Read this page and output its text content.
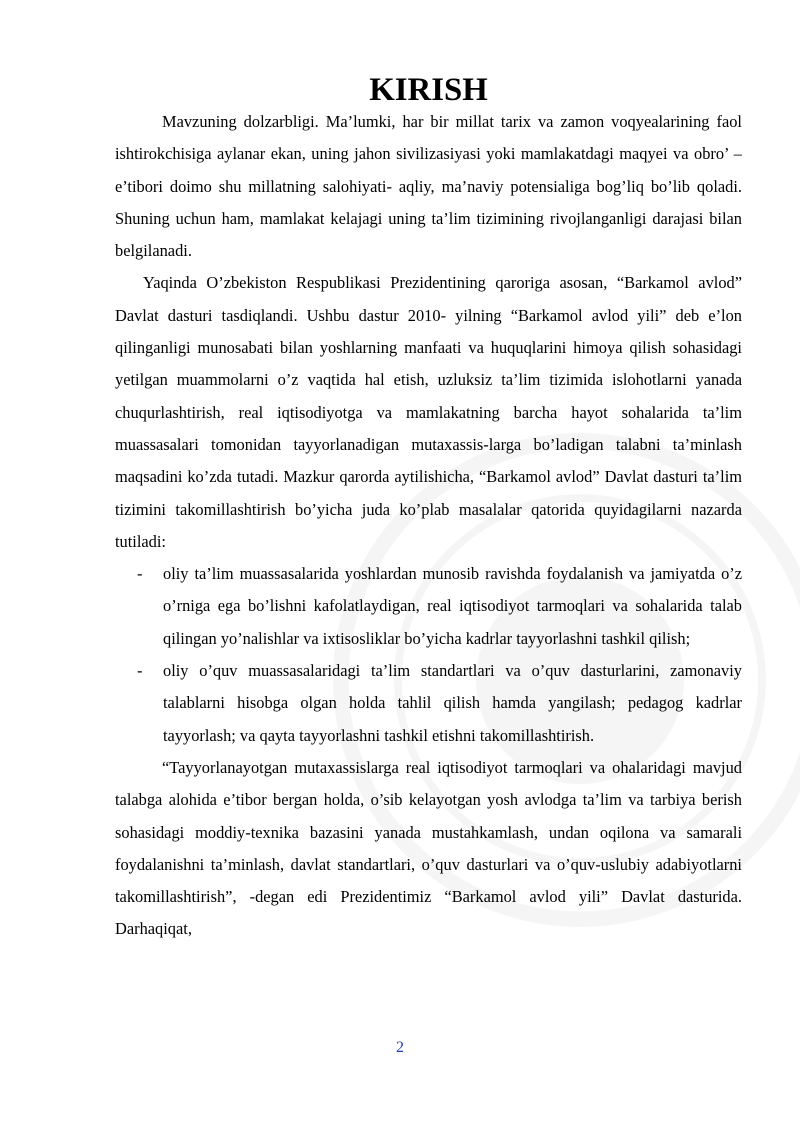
KIRISH

Mavzuning dolzarbligi. Ma’lumki, har bir millat tarix va zamon voqyealarining faol ishtirokchisiga aylanar ekan, uning jahon sivilizasiyasi yoki mamlakatdagi maqyei va obro’ – e’tibori doimo shu millatning salohiyati- aqliy, ma’naviy potensialiga bog’liq bo’lib qoladi. Shuning uchun ham, mamlakat kelajagi uning ta’lim tizimining rivojlanganligi darajasi bilan belgilanadi.

Yaqinda O’zbekiston Respublikasi Prezidentining qaroriga asosan, “Barkamol avlod” Davlat dasturi tasdiqlandi. Ushbu dastur 2010- yilning “Barkamol avlod yili” deb e’lon qilinganligi munosabati bilan yoshlarning manfaati va huquqlarini himoya qilish sohasidagi yetilgan muammolarni o’z vaqtida hal etish, uzluksiz ta’lim tizimida islohotlarni yanada chuqurlashtirish, real iqtisodiyotga va mamlakatning barcha hayot sohalarida ta’lim muassasalari tomonidan tayyorlanadigan mutaxassis-larga bo’ladigan talabni ta’minlash maqsadini ko’zda tutadi. Mazkur qarorda aytilishicha, “Barkamol avlod” Davlat dasturi ta’lim tizimini takomillashtirish bo’yicha juda ko’plab masalalar qatorida quyidagilarni nazarda tutiladi:

- oliy ta’lim muassasalarida yoshlardan munosib ravishda foydalanish va jamiyatda o’z o’rniga ega bo’lishni kafolatlaydigan, real iqtisodiyot tarmoqlari va sohalarida talab qilingan yo’nalishlar va ixtisosliklar bo’yicha kadrlar tayyorlashni tashkil qilish;
- oliy o’quv muassasalaridagi ta’lim standartlari va o’quv dasturlarini, zamonaviy talablarni hisobga olgan holda tahlil qilish hamda yangilash; pedagog kadrlar tayyorlash; va qayta tayyorlashni tashkil etishni takomillashtirish.

“Tayyorlanayotgan mutaxassislarga real iqtisodiyot tarmoqlari va ohalaridagi mavjud talabga alohida e’tibor bergan holda, o’sib kelayotgan yosh avlodga ta’lim va tarbiya berish sohasidagi moddiy-texnika bazasini yanada mustahkamlash, undan oqilona va samarali foydalanishni ta’minlash, davlat standartlari, o’quv dasturlari va o’quv-uslubiy adabiyotlarni takomillashtirish”, -degan edi Prezidentimiz “Barkamol avlod yili” Davlat dasturida. Darhaqiqat,

2
